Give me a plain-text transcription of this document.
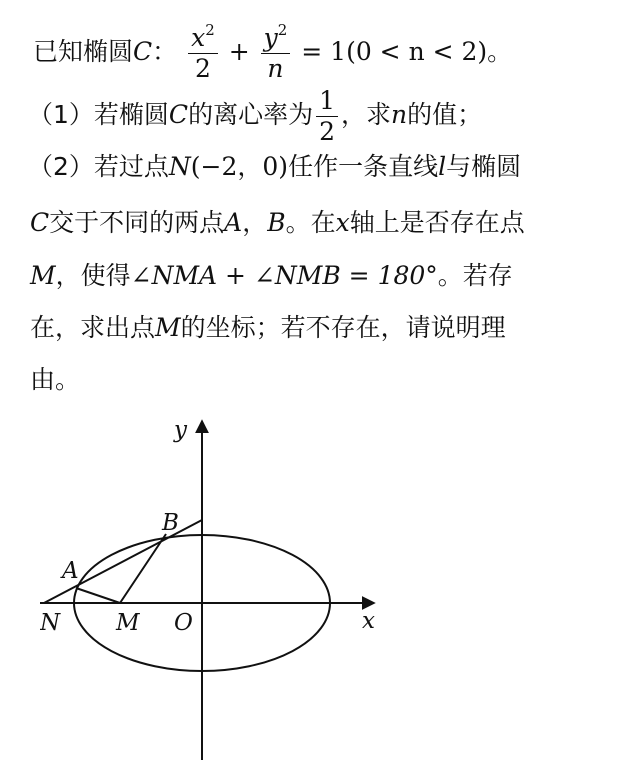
已知椭圆C： $\frac{x^2}{2} + \frac{y^2}{n} = 1(0 < n < 2)$。
（1）若椭圆C的离心率为 $\frac{1}{2}$ ，求n的值；
（2）若过点N(−2，0)任作一条直线l与椭圆
C交于不同的两点A，B。在x轴上是否存在点
M，使得∠NMA + ∠NMB = 180°。若存
在，求出点M的坐标；若不存在，请说明理
由。
y
x
B
A
N M O
